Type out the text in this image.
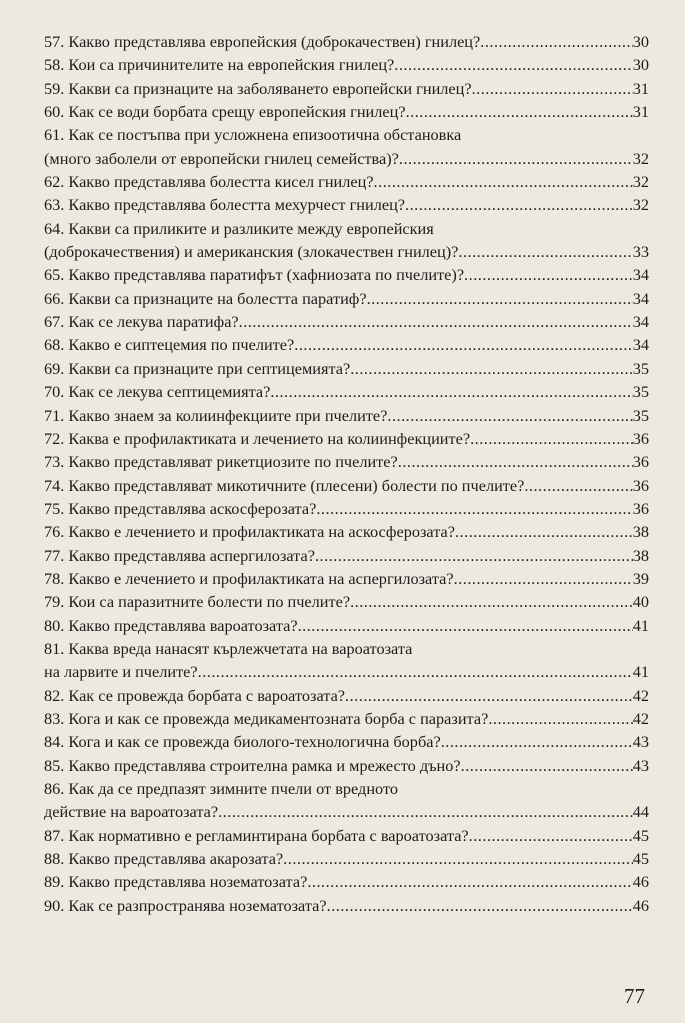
57. Какво представлява европейския (доброкачествен) гнилец? .....	30
58. Кои са причинителите на европейския гнилец? .....	30
59. Какви са признаците на заболяването европейски гнилец? .....	31
60. Как се води борбата срещу европейския гнилец? .....	31
61. Как се постъпва при усложнена епизоотична обстановка
(много заболели от европейски гнилец семейства)? .....	32
62. Какво представлява болестта кисел гнилец? .....	32
63. Какво представлява болестта мехурчест гнилец? .....	32
64. Какви са приликите и разликите между европейския
(доброкачествения) и американския (злокачествен гнилец)? .....	33
65. Какво представлява паратифът (хафниозата по пчелите)? .....	34
66. Какви са признаците на болестта паратиф? .....	34
67. Как се лекува паратифа? .....	34
68. Какво е сиптецемия по пчелите? .....	34
69. Какви са признаците при септицемията? .....	35
70. Как се лекува септицемията? .....	35
71. Какво знаем за колиинфекциите при пчелите? .....	35
72. Каква е профилактиката и лечението на колиинфекциите? .....	36
73. Какво представляват рикетциозите по пчелите? .....	36
74. Какво представляват микотичните (плесени) болести по пчелите? .....	36
75. Какво представлява аскосферозата? .....	36
76. Какво е лечението и профилактиката на аскосферозата? .....	38
77. Какво представлява аспергилозата? .....	38
78. Какво е лечението и профилактиката на аспергилозата? .....	39
79. Кои са паразитните болести по пчелите? .....	40
80. Какво представлява вароатозата? .....	41
81. Каква вреда нанасят кърлежчетата на вароатозата
на ларвите и пчелите? .....	41
82. Как се провежда борбата с вароатозата? .....	42
83. Кога и как се провежда медикаментозната борба с паразита? .....	42
84. Кога и как се провежда биолого-технологична борба? .....	43
85. Какво представлява строителна рамка и мрежесто дъно? .....	43
86. Как да се предпазят зимните пчели от вредното
действие на вароатозата? .....	44
87. Как нормативно е регламинтирана борбата с вароатозата? .....	45
88. Какво представлява акарозата? .....	45
89. Какво представлява нозематозата? .....	46
90. Как се разпространява нозематозата? .....	46
77
